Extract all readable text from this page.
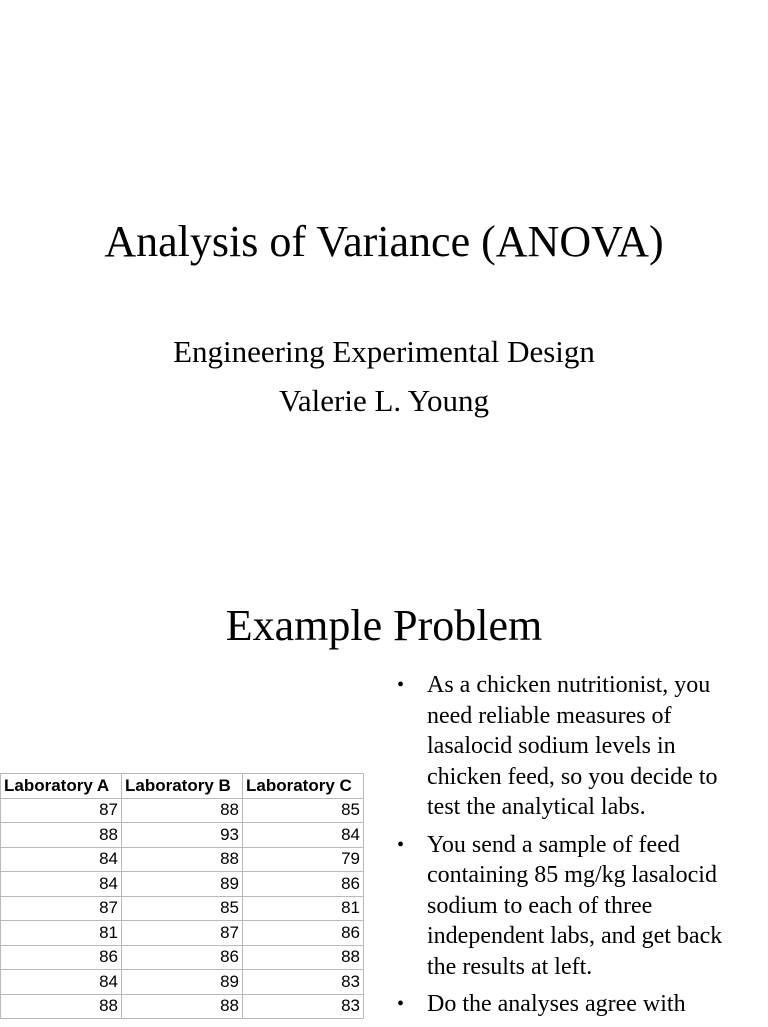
Analysis of Variance (ANOVA)
Engineering Experimental Design
Valerie L. Young
Example Problem
Laboratory A	Laboratory B	Laboratory C
87	88	85
88	93	84
84	88	79
84	89	86
87	85	81
81	87	86
86	86	88
84	89	83
88	88	83
• As a chicken nutritionist, you need reliable measures of lasalocid sodium levels in chicken feed, so you decide to test the analytical labs.
• You send a sample of feed containing 85 mg/kg lasalocid sodium to each of three independent labs, and get back the results at left.
• Do the analyses agree with
